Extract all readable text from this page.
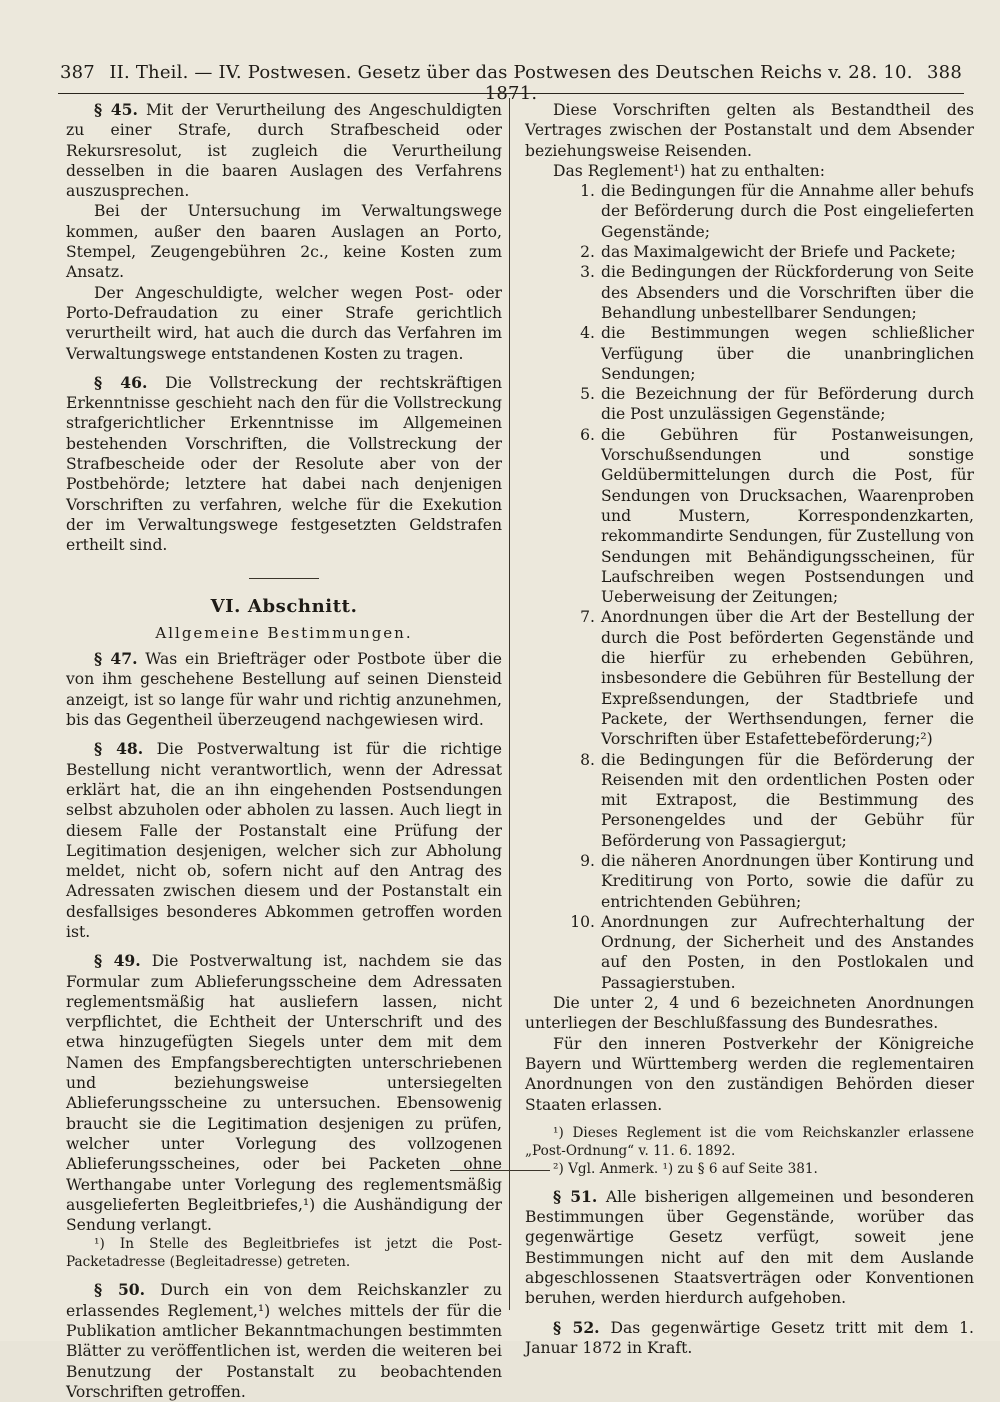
387 II. Theil. — IV. Postwesen. Gesetz über das Postwesen des Deutschen Reichs v. 28. 10. 1871.
388

§ 45. Mit der Verurtheilung des Angeschuldigten zu einer Strafe, durch Strafbescheid oder Rekursresolut, ist zugleich die Verurtheilung desselben in die baaren Auslagen des Verfahrens auszusprechen.

Bei der Untersuchung im Verwaltungswege kommen, außer den baaren Auslagen an Porto, Stempel, Zeugengebühren 2c., keine Kosten zum Ansatz.

Der Angeschuldigte, welcher wegen Post- oder Porto-Defraudation zu einer Strafe gerichtlich verurtheilt wird, hat auch die durch das Verfahren im Verwaltungswege entstandenen Kosten zu tragen.

§ 46. Die Vollstreckung der rechtskräftigen Erkenntnisse geschieht nach den für die Vollstreckung strafgerichtlicher Erkenntnisse im Allgemeinen bestehenden Vorschriften, die Vollstreckung der Strafbescheide oder der Resolute aber von der Postbehörde; letztere hat dabei nach denjenigen Vorschriften zu verfahren, welche für die Exekution der im Verwaltungswege festgesetzten Geldstrafen ertheilt sind.

VI. Abschnitt.
Allgemeine Bestimmungen.

§ 47. Was ein Briefträger oder Postbote über die von ihm geschehene Bestellung auf seinen Diensteid anzeigt, ist so lange für wahr und richtig anzunehmen, bis das Gegentheil überzeugend nachgewiesen wird.

§ 48. Die Postverwaltung ist für die richtige Bestellung nicht verantwortlich, wenn der Adressat erklärt hat, die an ihn eingehenden Postsendungen selbst abzuholen oder abholen zu lassen. Auch liegt in diesem Falle der Postanstalt eine Prüfung der Legitimation desjenigen, welcher sich zur Abholung meldet, nicht ob, sofern nicht auf den Antrag des Adressaten zwischen diesem und der Postanstalt ein desfallsiges besonderes Abkommen getroffen worden ist.

§ 49. Die Postverwaltung ist, nachdem sie das Formular zum Ablieferungsscheine dem Adressaten reglementsmäßig hat ausliefern lassen, nicht verpflichtet, die Echtheit der Unterschrift und des etwa hinzugefügten Siegels unter dem mit dem Namen des Empfangsberechtigten unterschriebenen und beziehungsweise untersiegelten Ablieferungsscheine zu untersuchen. Ebensowenig braucht sie die Legitimation desjenigen zu prüfen, welcher unter Vorlegung des vollzogenen Ablieferungsscheines, oder bei Packeten ohne Werthangabe unter Vorlegung des reglementsmäßig ausgelieferten Begleitbriefes,¹) die Aushändigung der Sendung verlangt.

¹) In Stelle des Begleitbriefes ist jetzt die Post-Packetadresse (Begleitadresse) getreten.

§ 50. Durch ein von dem Reichskanzler zu erlassendes Reglement,¹) welches mittels der für die Publikation amtlicher Bekanntmachungen bestimmten Blätter zu veröffentlichen ist, werden die weiteren bei Benutzung der Postanstalt zu beobachtenden Vorschriften getroffen.

Diese Vorschriften gelten als Bestandtheil des Vertrages zwischen der Postanstalt und dem Absender beziehungsweise Reisenden.

Das Reglement¹) hat zu enthalten:

1. die Bedingungen für die Annahme aller behufs der Beförderung durch die Post eingelieferten Gegenstände;
2. das Maximalgewicht der Briefe und Packete;
3. die Bedingungen der Rückforderung von Seite des Absenders und die Vorschriften über die Behandlung unbestellbarer Sendungen;
4. die Bestimmungen wegen schließlicher Verfügung über die unanbringlichen Sendungen;
5. die Bezeichnung der für Beförderung durch die Post unzulässigen Gegenstände;
6. die Gebühren für Postanweisungen, Vorschußsendungen und sonstige Geldübermittelungen durch die Post, für Sendungen von Drucksachen, Waarenproben und Mustern, Korrespondenzkarten, rekommandirte Sendungen, für Zustellung von Sendungen mit Behändigungsscheinen, für Laufschreiben wegen Postsendungen und Ueberweisung der Zeitungen;
7. Anordnungen über die Art der Bestellung der durch die Post beförderten Gegenstände und die hierfür zu erhebenden Gebühren, insbesondere die Gebühren für Bestellung der Expreßsendungen, der Stadtbriefe und Packete, der Werthsendungen, ferner die Vorschriften über Estafettebeförderung;²)
8. die Bedingungen für die Beförderung der Reisenden mit den ordentlichen Posten oder mit Extrapost, die Bestimmung des Personengeldes und der Gebühr für Beförderung von Passagiergut;
9. die näheren Anordnungen über Kontirung und Kreditirung von Porto, sowie die dafür zu entrichtenden Gebühren;
10. Anordnungen zur Aufrechterhaltung der Ordnung, der Sicherheit und des Anstandes auf den Posten, in den Postlokalen und Passagierstuben.

Die unter 2, 4 und 6 bezeichneten Anordnungen unterliegen der Beschlußfassung des Bundesrathes.

Für den inneren Postverkehr der Königreiche Bayern und Württemberg werden die reglementairen Anordnungen von den zuständigen Behörden dieser Staaten erlassen.

¹) Dieses Reglement ist die vom Reichskanzler erlassene „Post-Ordnung“ v. 11. 6. 1892.

²) Vgl. Anmerk. ¹) zu § 6 auf Seite 381.

§ 51. Alle bisherigen allgemeinen und besonderen Bestimmungen über Gegenstände, worüber das gegenwärtige Gesetz verfügt, soweit jene Bestimmungen nicht auf den mit dem Auslande abgeschlossenen Staatsverträgen oder Konventionen beruhen, werden hierdurch aufgehoben.

§ 52. Das gegenwärtige Gesetz tritt mit dem 1. Januar 1872 in Kraft.
